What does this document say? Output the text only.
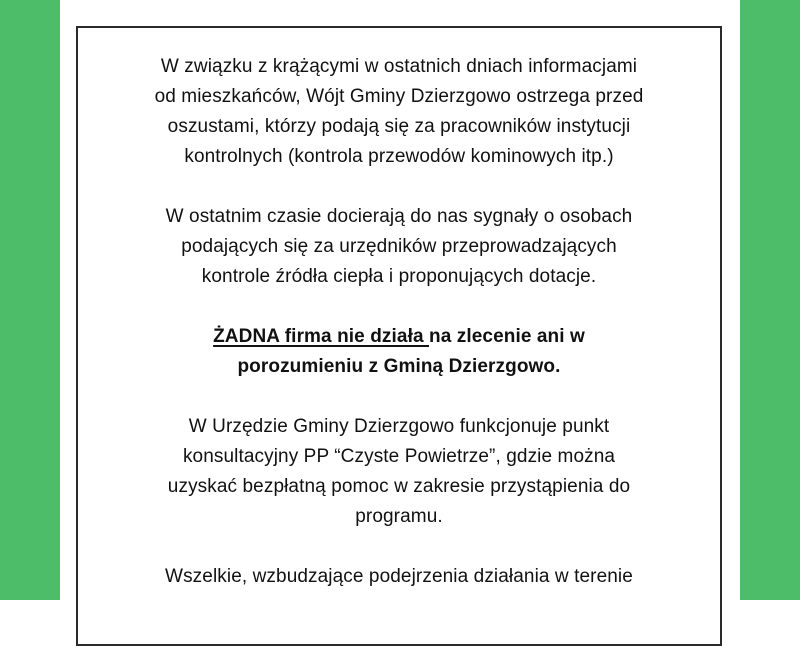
W związku z krążącymi w ostatnich dniach informacjami
od mieszkańców, Wójt Gminy Dzierzgowo ostrzega przed
oszustami, którzy podają się za pracowników instytucji
kontrolnych (kontrola przewodów kominowych itp.)

W ostatnim czasie docierają do nas sygnały o osobach
podających się za urzędników przeprowadzających
kontrole źródła ciepła i proponujących dotacje.

ŻADNA firma nie działa na zlecenie ani w
porozumieniu z Gminą Dzierzgowo.

W Urzędzie Gminy Dzierzgowo funkcjonuje punkt
konsultacyjny PP “Czyste Powietrze”, gdzie można
uzyskać bezpłatną pomoc w zakresie przystąpienia do
programu.

Wszelkie, wzbudzające podejrzenia działania w terenie
